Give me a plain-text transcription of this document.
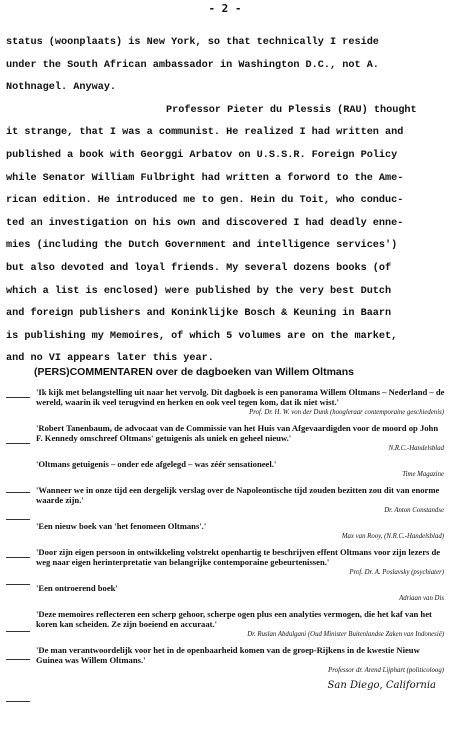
- 2 -
status (woonplaats) is New York, so that technically I reside
under the South African ambassador in Washington D.C., not A.
Nothnagel. Anyway.
Professor Pieter du Plessis (RAU) thought
it strange, that I was a communist. He realized I had written and
published a book with Georggi Arbatov on U.S.S.R. Foreign Policy
while Senator William Fulbright had written a forword to the Ame-
rican edition. He introduced me to gen. Hein du Toit, who conduc-
ted an investigation on his own and discovered I had deadly enne-
mies (including the Dutch Government and intelligence services')
but also devoted and loyal friends. My several dozens books (of
which a list is enclosed) were published by the very best Dutch
and foreign publishers and Koninklijke Bosch & Keuning in Baarn
is publishing my Memoires, of which 5 volumes are on the market,
and no VI appears later this year.
(PERS)COMMENTAREN over de dagboeken van Willem Oltmans
'Ik kijk met belangstelling uit naar het vervolg. Dit dagboek is een panorama Willem Oltmans – Nederland – de wereld, waarin ik veel terugvind en herken en ook veel tegen kom, dat ik niet wist.'
Prof. Dr. H. W. von der Dunk (hoogleraar contemporaine geschiedenis)
'Robert Tanenbaum, de advocaat van de Commissie van het Huis van Afgevaardigden voor de moord op John F. Kennedy omschreef Oltmans' getuigenis als uniek en geheel nieuw.'
N.R.C.-Handelsblad
'Oltmans getuigenis – onder ede afgelegd – was zéér sensationeel.'
Time Magazine
'Wanneer we in onze tijd een dergelijk verslag over de Napoleontische tijd zouden bezitten zou dit van enorme waarde zijn.'
Dr. Anton Constandse
'Een nieuw boek van 'het fenomeen Oltmans'.'
Max van Rooy, (N.R.C.-Handelsblad)
'Door zijn eigen persoon in ontwikkeling volstrekt openhartig te beschrijven effent Oltmans voor zijn lezers de weg naar eigen herinterpretatie van belangrijke contemporaine gebeurtenissen.'
Prof. Dr. A. Poslavsky (psychiater)
'Een ontroerend boek'
Adriaan van Dis
'Deze memoires reflecteren een scherp gehoor, scherpe ogen plus een analyties vermogen, die het kaf van het koren kan scheiden. Ze zijn boeiend en accuraat.'
Dr. Ruslan Abdulgani (Oud Minister Buitenlandse Zaken van Indonesië)
'De man verantwoordelijk voor het in de openbaarheid komen van de groep-Rijkens in de kwestie Nieuw Guinea was Willem Oltmans.'
Professor dr. Arend Lijphart (politicoloog)
San Diego, California
